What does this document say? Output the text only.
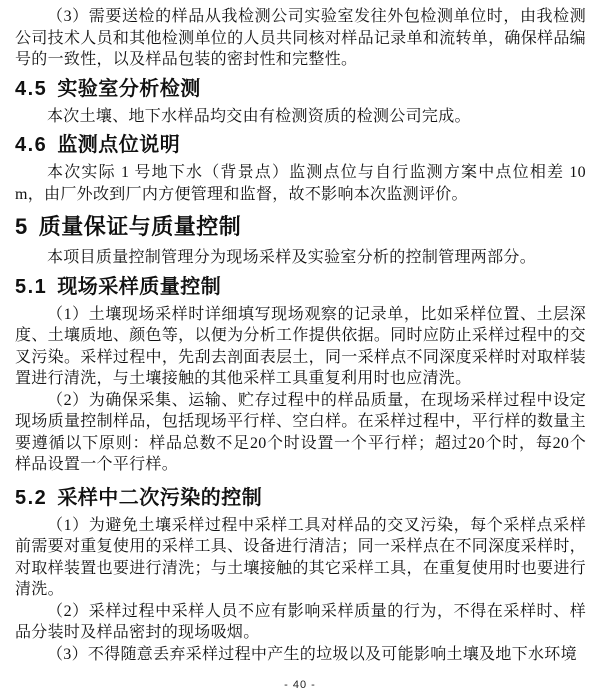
（3）需要送检的样品从我检测公司实验室发往外包检测单位时，由我检测公司技术人员和其他检测单位的人员共同核对样品记录单和流转单，确保样品编号的一致性，以及样品包装的密封性和完整性。

4.5 实验室分析检测

本次土壤、地下水样品均交由有检测资质的检测公司完成。

4.6 监测点位说明

本次实际 1 号地下水（背景点）监测点位与自行监测方案中点位相差 10m，由厂外改到厂内方便管理和监督，故不影响本次监测评价。

5 质量保证与质量控制

本项目质量控制管理分为现场采样及实验室分析的控制管理两部分。

5.1 现场采样质量控制

（1）土壤现场采样时详细填写现场观察的记录单，比如采样位置、土层深度、土壤质地、颜色等，以便为分析工作提供依据。同时应防止采样过程中的交叉污染。采样过程中，先刮去剖面表层土，同一采样点不同深度采样时对取样装置进行清洗，与土壤接触的其他采样工具重复利用时也应清洗。

（2）为确保采集、运输、贮存过程中的样品质量，在现场采样过程中设定现场质量控制样品，包括现场平行样、空白样。在采样过程中，平行样的数量主要遵循以下原则：样品总数不足20个时设置一个平行样；超过20个时，每20个样品设置一个平行样。

5.2 采样中二次污染的控制

（1）为避免土壤采样过程中采样工具对样品的交叉污染，每个采样点采样前需要对重复使用的采样工具、设备进行清洁；同一采样点在不同深度采样时，对取样装置也要进行清洗；与土壤接触的其它采样工具，在重复使用时也要进行清洗。

（2）采样过程中采样人员不应有影响采样质量的行为，不得在采样时、样品分装时及样品密封的现场吸烟。

（3）不得随意丢弃采样过程中产生的垃圾以及可能影响土壤及地下水环境

- 40 -
